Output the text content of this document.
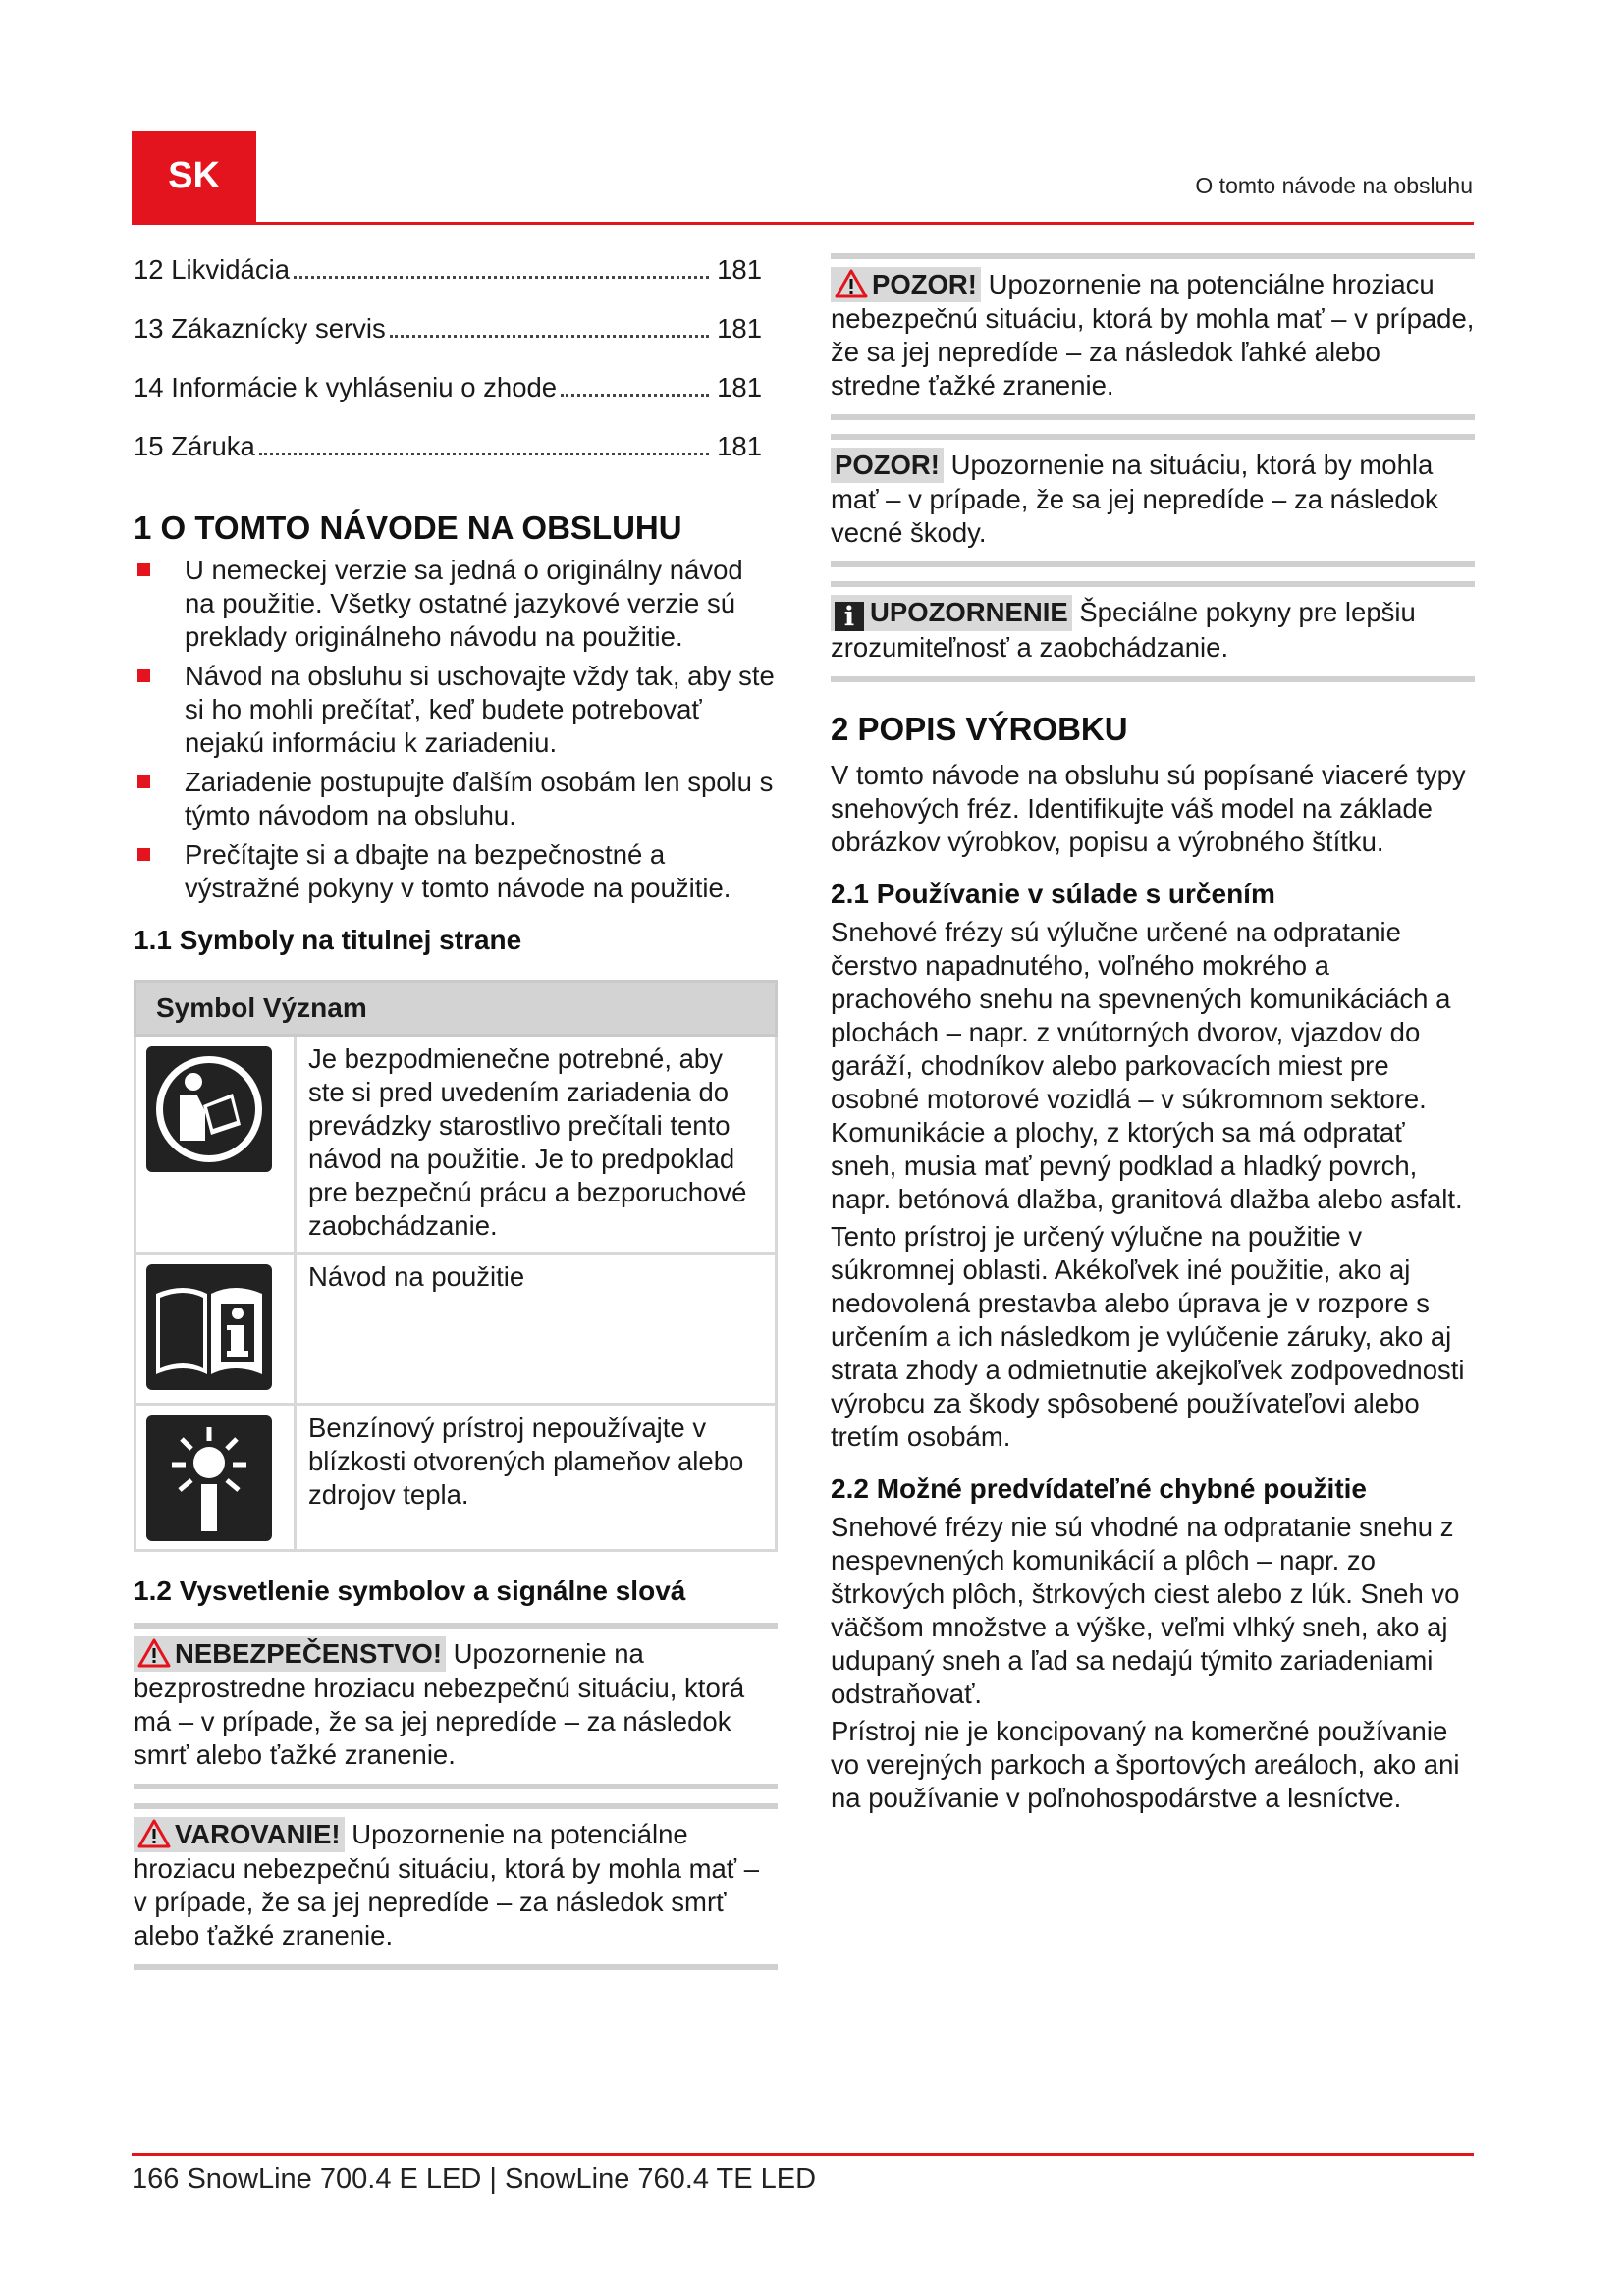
SK	O tomto návode na obsluhu
12 Likvidácia	181
13 Zákaznícky servis	181
14 Informácie k vyhláseniu o zhode	181
15 Záruka	181
1 O TOMTO NÁVODE NA OBSLUHU
U nemeckej verzie sa jedná o originálny návod na použitie. Všetky ostatné jazykové verzie sú preklady originálneho návodu na použitie.
Návod na obsluhu si uschovajte vždy tak, aby ste si ho mohli prečítať, keď budete potrebovať nejakú informáciu k zariadeniu.
Zariadenie postupujte ďalším osobám len spolu s týmto návodom na obsluhu.
Prečítajte si a dbajte na bezpečnostné a výstražné pokyny v tomto návode na použitie.
1.1 Symboly na titulnej strane
Symbol Význam	
	Je bezpodmienečne potrebné, aby ste si pred uvedením zariadenia do prevádzky starostlivo prečítali tento návod na použitie. Je to predpoklad pre bezpečnú prácu a bezporuchové zaobchádzanie.
	Návod na použitie
	Benzínový prístroj nepoužívajte v blízkosti otvorených plameňov alebo zdrojov tepla.
1.2 Vysvetlenie symbolov a signálne slová
NEBEZPEČENSTVO! Upozornenie na bezprostredne hroziacu nebezpečnú situáciu, ktorá má – v prípade, že sa jej nepredíde – za následok smrť alebo ťažké zranenie.
VAROVANIE! Upozornenie na potenciálne hroziacu nebezpečnú situáciu, ktorá by mohla mať – v prípade, že sa jej nepredíde – za následok smrť alebo ťažké zranenie.
POZOR! Upozornenie na potenciálne hroziacu nebezpečnú situáciu, ktorá by mohla mať – v prípade, že sa jej nepredíde – za následok ľahké alebo stredne ťažké zranenie.
POZOR! Upozornenie na situáciu, ktorá by mohla mať – v prípade, že sa jej nepredíde – za následok vecné škody.
i UPOZORNENIE Špeciálne pokyny pre lepšiu zrozumiteľnosť a zaobchádzanie.
2 POPIS VÝROBKU

V tomto návode na obsluhu sú popísané viaceré typy snehových fréz. Identifikujte váš model na základe obrázkov výrobkov, popisu a výrobného štítku.

2.1 Používanie v súlade s určením

Snehové frézy sú výlučne určené na odpratanie čerstvo napadnutého, voľného mokrého a prachového snehu na spevnených komunikáciách a plochách – napr. z vnútorných dvorov, vjazdov do garáží, chodníkov alebo parkovacích miest pre osobné motorové vozidlá – v súkromnom sektore. Komunikácie a plochy, z ktorých sa má odpratať sneh, musia mať pevný podklad a hladký povrch, napr. betónová dlažba, granitová dlažba alebo asfalt.

Tento prístroj je určený výlučne na použitie v súkromnej oblasti. Akékoľvek iné použitie, ako aj nedovolená prestavba alebo úprava je v rozpore s určením a ich následkom je vylúčenie záruky, ako aj strata zhody a odmietnutie akejkoľvek zodpovednosti výrobcu za škody spôsobené používateľovi alebo tretím osobám.

2.2 Možné predvídateľné chybné použitie

Snehové frézy nie sú vhodné na odpratanie snehu z nespevnených komunikácií a plôch – napr. zo štrkových plôch, štrkových ciest alebo z lúk. Sneh vo väčšom množstve a výške, veľmi vlhký sneh, ako aj udupaný sneh a ľad sa nedajú týmito zariadeniami odstraňovať.

Prístroj nie je koncipovaný na komerčné používanie vo verejných parkoch a športových areáloch, ako ani na používanie v poľnohospodárstve a lesníctve.

166 SnowLine 700.4 E LED | SnowLine 760.4 TE LED
